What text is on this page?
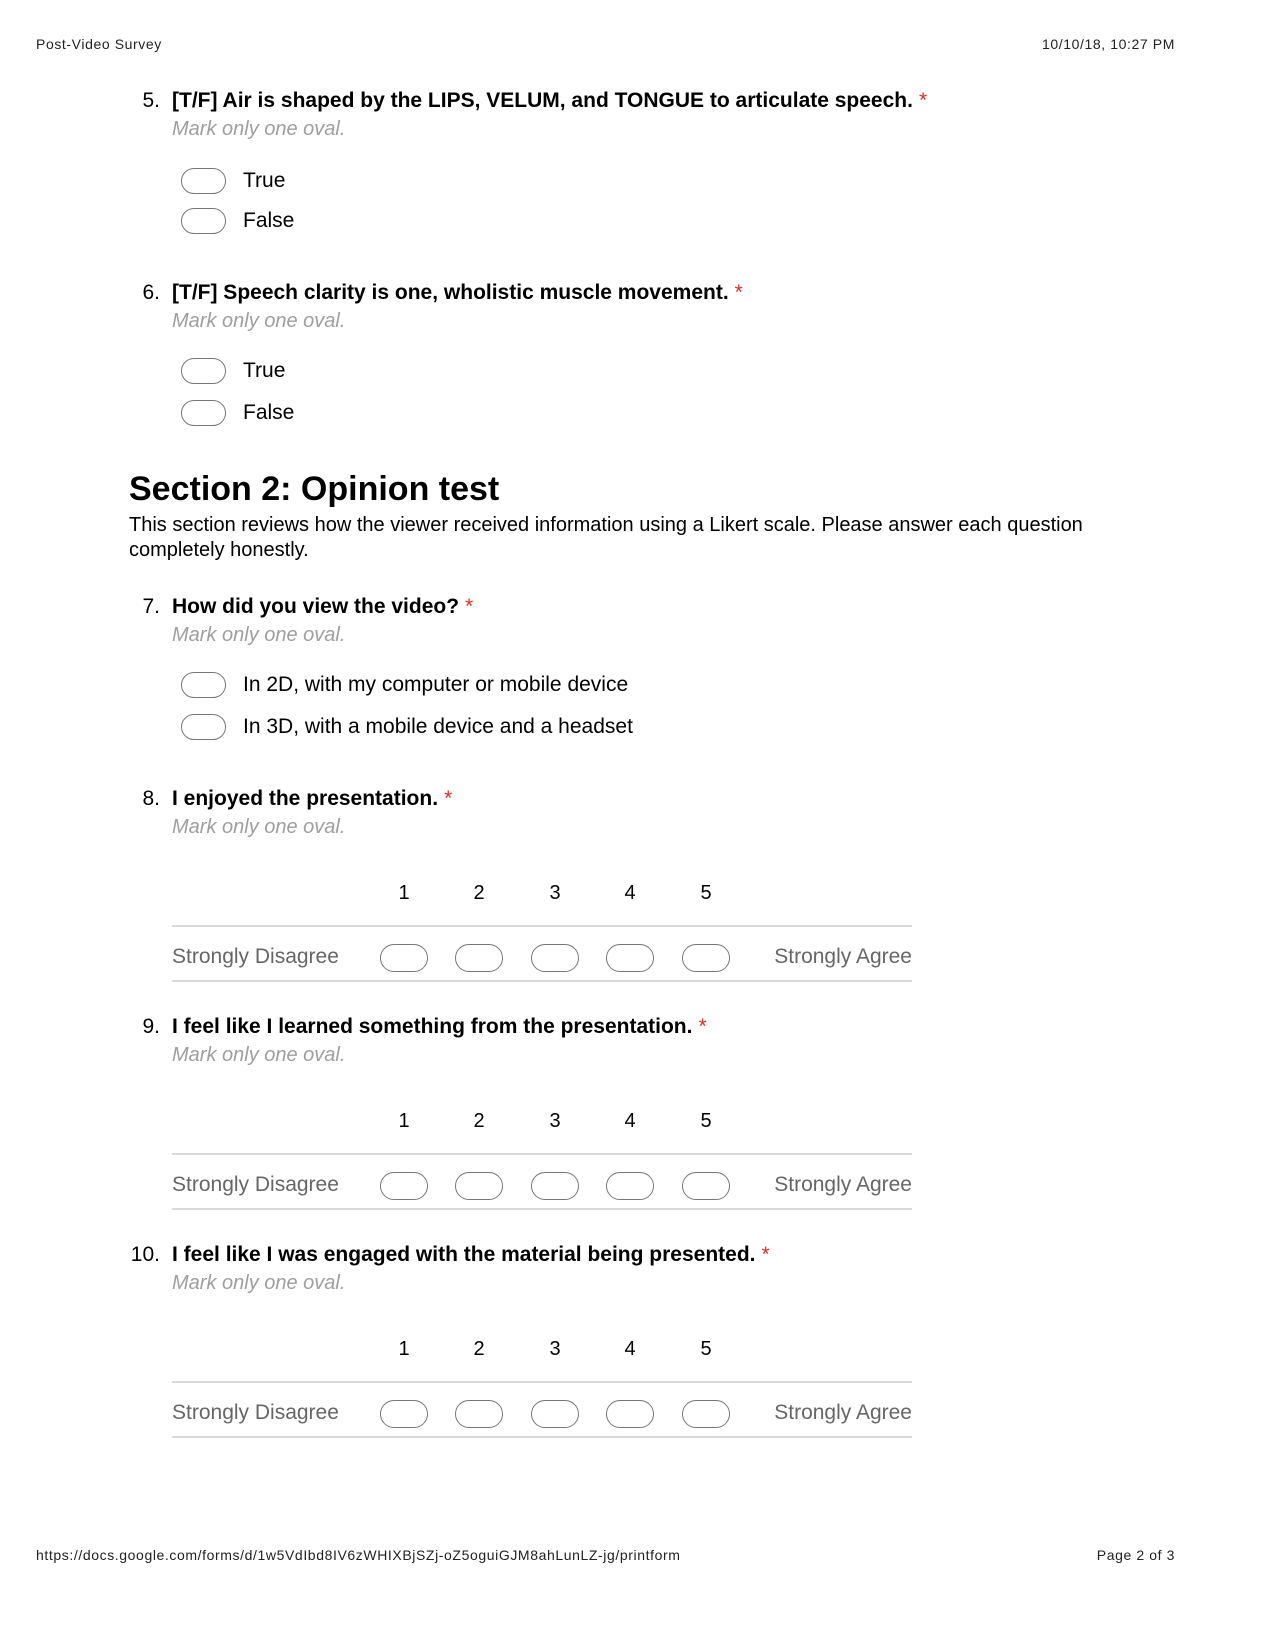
Post-Video Survey	10/10/18, 10:27 PM
5. [T/F] Air is shaped by the LIPS, VELUM, and TONGUE to articulate speech. *
Mark only one oval.
True
False
6. [T/F] Speech clarity is one, wholistic muscle movement. *
Mark only one oval.
True
False
Section 2: Opinion test
This section reviews how the viewer received information using a Likert scale. Please answer each question completely honestly.
7. How did you view the video? *
Mark only one oval.
In 2D, with my computer or mobile device
In 3D, with a mobile device and a headset
8. I enjoyed the presentation. *
Mark only one oval.
1	2	3	4	5
Strongly Disagree	Strongly Agree
9. I feel like I learned something from the presentation. *
Mark only one oval.
1	2	3	4	5
Strongly Disagree	Strongly Agree
10. I feel like I was engaged with the material being presented. *
Mark only one oval.
1	2	3	4	5
Strongly Disagree	Strongly Agree
https://docs.google.com/forms/d/1w5VdIbd8IV6zWHIXBjSZj-oZ5oguiGJM8ahLunLZ-jg/printform	Page 2 of 3
